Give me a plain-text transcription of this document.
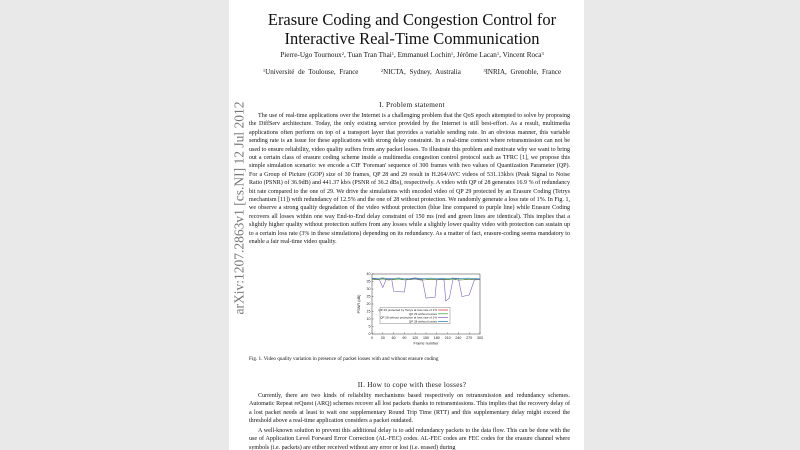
Erasure Coding and Congestion Control for Interactive Real-Time Communication
Pierre-Ugo Tournoux$^2$, Tuan Tran Thai$^1$, Emmanuel Lochin$^1$, Jérôme Lacan$^1$, Vincent Roca$^3$
$^1$Université de Toulouse, France	$^2$NICTA, Sydney, Australia	$^3$INRIA, Grenoble, France
I. Problem statement

The use of real-time applications over the Internet is a challenging problem that the QoS epoch attempted to solve by proposing the DiffServ architecture. Today, the only existing service provided by the Internet is still best-effort. As a result, multimedia applications often perform on top of a transport layer that provides a variable sending rate. In an obvious manner, this variable sending rate is an issue for these applications with strong delay constraint. In a real-time context where retransmission can not be used to ensure reliability, video quality suffers from any packet losses. To illustrate this problem and motivate why we want to bring out a certain class of erasure coding scheme inside a multimedia congestion control protocol such as TFRC [1], we propose this simple simulation scenario: we encode a CIF 'Foreman' sequence of 300 frames with two values of Quantization Parameter (QP). For a Group of Picture (GOP) size of 30 frames, QP 28 and 29 result in H.264/AVC videos of 531.13kb/s (Peak Signal to Noise Ratio (PSNR) of 36.9dB) and 441.37 kb/s (PSNR of 36.2 dBs), respectively. A video with QP of 28 generates 16.9 % of redundancy bit rate compared to the one of 29. We drive the simulations with encoded video of QP 29 protected by an Erasure Coding (Tetrys mechanism [11]) with redundancy of 12.5% and the one of 28 without protection. We randomly generate a loss rate of 1%. In Fig. 1, we observe a strong quality degradation of the video without protection (blue line compared to purple line) while Erasure Coding recovers all losses within one way End-to-End delay constraint of 150 ms (red and green lines are identical). This implies that a slightly higher quality without protection suffers from any losses while a slightly lower quality video with protection can sustain up to a certain loss rate (3% in these simulations) depending on its redundancy. As a matter of fact, erasure-coding seems mandatory to enable a fair real-time video quality.

0 30 60 90 120 150 180 210 240 270 300
0
5
10
15
20
25
30
35
40
Frame number
PSNR (dB)	QP 29 protected by Tetrys at loss rate of 1%
QP 29 without losses
QP 28 without protection at loss rate of 1%
QP 28 without losses
Fig. 1. Video quality variation in presence of packet losses with and without erasure coding
II. How to cope with these losses?

Currently, there are two kinds of reliability mechanisms based respectively on retransmission and redundancy schemes. Automatic Repeat reQuest (ARQ) schemes recover all lost packets thanks to retransmissions. This implies that the recovery delay of a lost packet needs at least to wait one supplementary Round Trip Time (RTT) and this supplementary delay might exceed the threshold above a real-time application considers a packet outdated.

A well-known solution to prevent this additional delay is to add redundancy packets to the data flow. This can be done with the use of Application Level Forward Error Correction (AL-FEC) codes. AL-FEC codes are FEC codes for the erasure channel where symbols (i.e. packets) are either received without any error or lost (i.e. erased) during

arXiv:1207.2863v1 [cs.NI] 12 Jul 2012
